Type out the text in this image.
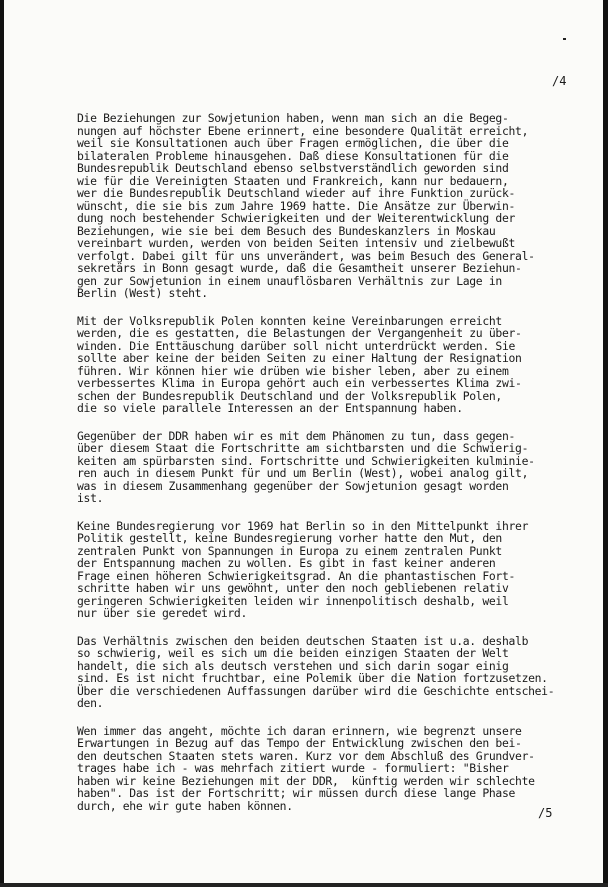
/4
Die Beziehungen zur Sowjetunion haben, wenn man sich an die Begeg-
nungen auf höchster Ebene erinnert, eine besondere Qualität erreicht,
weil sie Konsultationen auch über Fragen ermöglichen, die über die
bilateralen Probleme hinausgehen. Daß diese Konsultationen für die
Bundesrepublik Deutschland ebenso selbstverständlich geworden sind
wie für die Vereinigten Staaten und Frankreich, kann nur bedauern,
wer die Bundesrepublik Deutschland wieder auf ihre Funktion zurück-
wünscht, die sie bis zum Jahre 1969 hatte. Die Ansätze zur Überwin-
dung noch bestehender Schwierigkeiten und der Weiterentwicklung der
Beziehungen, wie sie bei dem Besuch des Bundeskanzlers in Moskau
vereinbart wurden, werden von beiden Seiten intensiv und zielbewußt
verfolgt. Dabei gilt für uns unverändert, was beim Besuch des General-
sekretärs in Bonn gesagt wurde, daß die Gesamtheit unserer Beziehun-
gen zur Sowjetunion in einem unauflösbaren Verhältnis zur Lage in
Berlin (West) steht.
Mit der Volksrepublik Polen konnten keine Vereinbarungen erreicht
werden, die es gestatten, die Belastungen der Vergangenheit zu über-
winden. Die Enttäuschung darüber soll nicht unterdrückt werden. Sie
sollte aber keine der beiden Seiten zu einer Haltung der Resignation
führen. Wir können hier wie drüben wie bisher leben, aber zu einem
verbessertes Klima in Europa gehört auch ein verbessertes Klima zwi-
schen der Bundesrepublik Deutschland und der Volksrepublik Polen,
die so viele parallele Interessen an der Entspannung haben.
Gegenüber der DDR haben wir es mit dem Phänomen zu tun, dass gegen-
über diesem Staat die Fortschritte am sichtbarsten und die Schwierig-
keiten am spürbarsten sind. Fortschritte und Schwierigkeiten kulminie-
ren auch in diesem Punkt für und um Berlin (West), wobei analog gilt,
was in diesem Zusammenhang gegenüber der Sowjetunion gesagt worden
ist.
Keine Bundesregierung vor 1969 hat Berlin so in den Mittelpunkt ihrer
Politik gestellt, keine Bundesregierung vorher hatte den Mut, den
zentralen Punkt von Spannungen in Europa zu einem zentralen Punkt
der Entspannung machen zu wollen. Es gibt in fast keiner anderen
Frage einen höheren Schwierigkeitsgrad. An die phantastischen Fort-
schritte haben wir uns gewöhnt, unter den noch gebliebenen relativ
geringeren Schwierigkeiten leiden wir innenpolitisch deshalb, weil
nur über sie geredet wird.
Das Verhältnis zwischen den beiden deutschen Staaten ist u.a. deshalb
so schwierig, weil es sich um die beiden einzigen Staaten der Welt
handelt, die sich als deutsch verstehen und sich darin sogar einig
sind. Es ist nicht fruchtbar, eine Polemik über die Nation fortzusetzen.
Über die verschiedenen Auffassungen darüber wird die Geschichte entschei-
den.
Wen immer das angeht, möchte ich daran erinnern, wie begrenzt unsere
Erwartungen in Bezug auf das Tempo der Entwicklung zwischen den bei-
den deutschen Staaten stets waren. Kurz vor dem Abschluß des Grundver-
trages habe ich - was mehrfach zitiert wurde - formuliert: "Bisher
haben wir keine Beziehungen mit der DDR,  künftig werden wir schlechte
haben". Das ist der Fortschritt; wir müssen durch diese lange Phase
durch, ehe wir gute haben können.
/5
